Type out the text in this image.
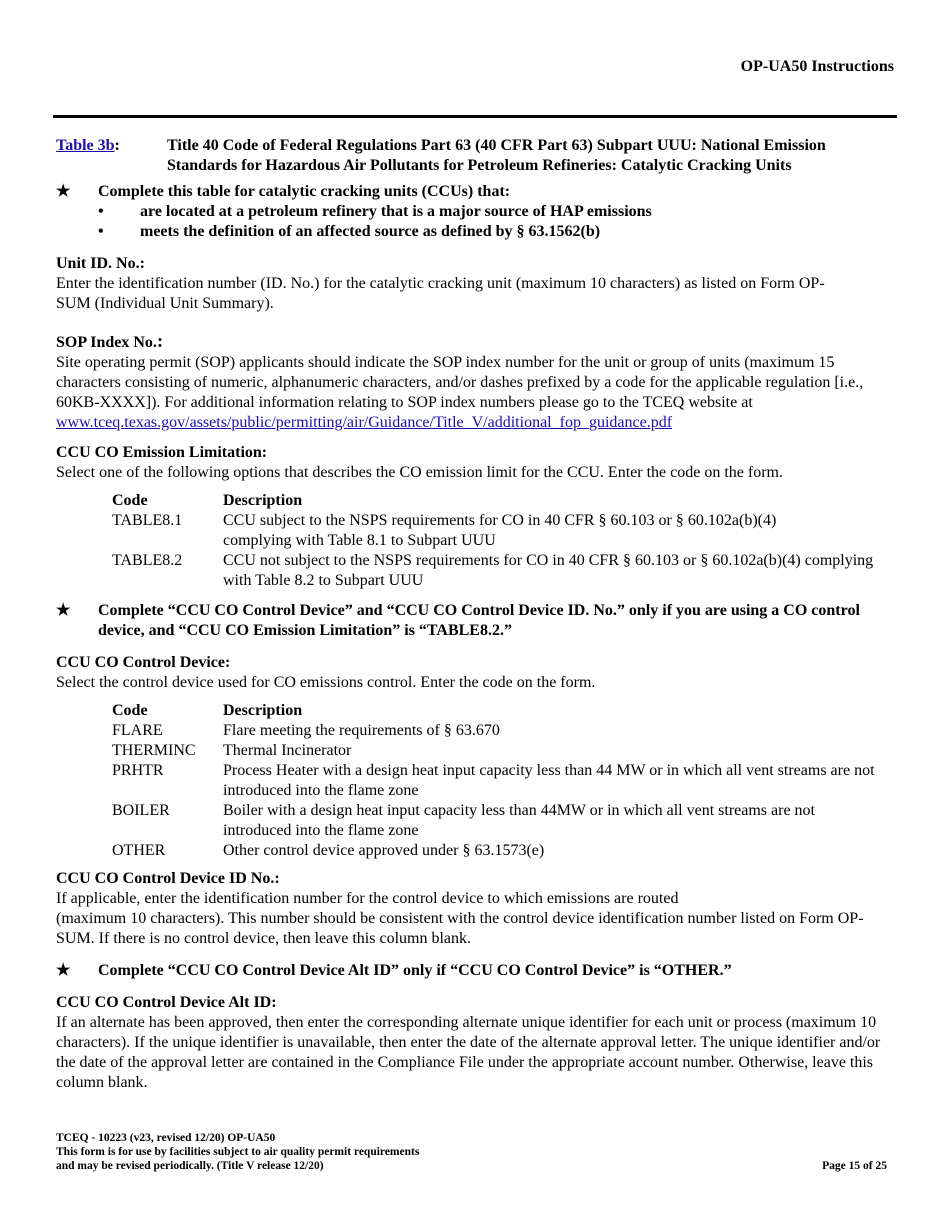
OP-UA50 Instructions
Table 3b:	Title 40 Code of Federal Regulations Part 63 (40 CFR Part 63) Subpart UUU: National Emission Standards for Hazardous Air Pollutants for Petroleum Refineries: Catalytic Cracking Units
★	Complete this table for catalytic cracking units (CCUs) that:
•	are located at a petroleum refinery that is a major source of HAP emissions
•	meets the definition of an affected source as defined by § 63.1562(b)
Unit ID. No.:
Enter the identification number (ID. No.) for the catalytic cracking unit (maximum 10 characters) as listed on Form OP-SUM (Individual Unit Summary).
SOP Index No.:
Site operating permit (SOP) applicants should indicate the SOP index number for the unit or group of units (maximum 15 characters consisting of numeric, alphanumeric characters, and/or dashes prefixed by a code for the applicable regulation [i.e., 60KB-XXXX]). For additional information relating to SOP index numbers please go to the TCEQ website at www.tceq.texas.gov/assets/public/permitting/air/Guidance/Title_V/additional_fop_guidance.pdf
CCU CO Emission Limitation:
Select one of the following options that describes the CO emission limit for the CCU. Enter the code on the form.
Code	Description
TABLE8.1	CCU subject to the NSPS requirements for CO in 40 CFR § 60.103 or § 60.102a(b)(4) complying with Table 8.1 to Subpart UUU
TABLE8.2	CCU not subject to the NSPS requirements for CO in 40 CFR § 60.103 or § 60.102a(b)(4) complying with Table 8.2 to Subpart UUU
★	Complete “CCU CO Control Device” and “CCU CO Control Device ID. No.” only if you are using a CO control device, and “CCU CO Emission Limitation” is “TABLE8.2.”
CCU CO Control Device:
Select the control device used for CO emissions control. Enter the code on the form.
Code	Description
FLARE	Flare meeting the requirements of § 63.670
THERMINC	Thermal Incinerator
PRHTR	Process Heater with a design heat input capacity less than 44 MW or in which all vent streams are not introduced into the flame zone
BOILER	Boiler with a design heat input capacity less than 44MW or in which all vent streams are not introduced into the flame zone
OTHER	Other control device approved under § 63.1573(e)
CCU CO Control Device ID No.:
If applicable, enter the identification number for the control device to which emissions are routed
(maximum 10 characters). This number should be consistent with the control device identification number listed on Form OP-SUM. If there is no control device, then leave this column blank.
★	Complete “CCU CO Control Device Alt ID” only if “CCU CO Control Device” is “OTHER.”
CCU CO Control Device Alt ID:
If an alternate has been approved, then enter the corresponding alternate unique identifier for each unit or process (maximum 10 characters). If the unique identifier is unavailable, then enter the date of the alternate approval letter. The unique identifier and/or the date of the approval letter are contained in the Compliance File under the appropriate account number. Otherwise, leave this column blank.
TCEQ - 10223 (v23, revised 12/20) OP-UA50
This form is for use by facilities subject to air quality permit requirements
and may be revised periodically. (Title V release 12/20)	Page 15 of 25
